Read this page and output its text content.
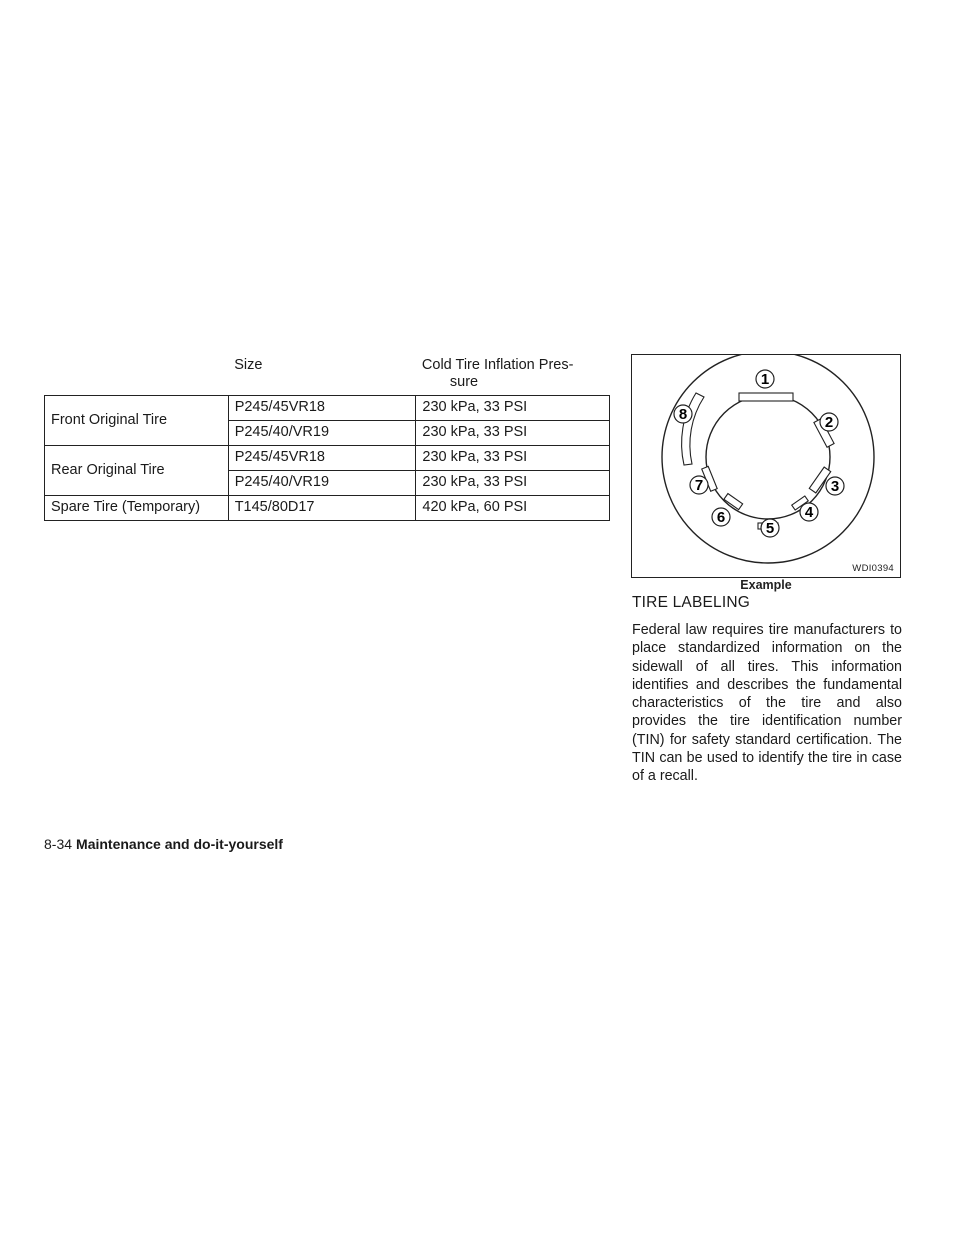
	Size	Cold Tire Inflation Pres-
sure

Front Original Tire	P245/45VR18	230 kPa, 33 PSI
	P245/40/VR19	230 kPa, 33 PSI
Rear Original Tire	P245/45VR18	230 kPa, 33 PSI
	P245/40/VR19	230 kPa, 33 PSI
Spare Tire (Temporary)	T145/80D17	420 kPa, 60 PSI
1
2
3
4
5
6
7
8
WDI0394
Example
TIRE LABELING

Federal law requires tire manufacturers to place standardized information on the sidewall of all tires. This information identifies and describes the fundamental characteristics of the tire and also provides the tire identification number (TIN) for safety standard certification. The TIN can be used to identify the tire in case of a recall.

8-34 Maintenance and do-it-yourself
